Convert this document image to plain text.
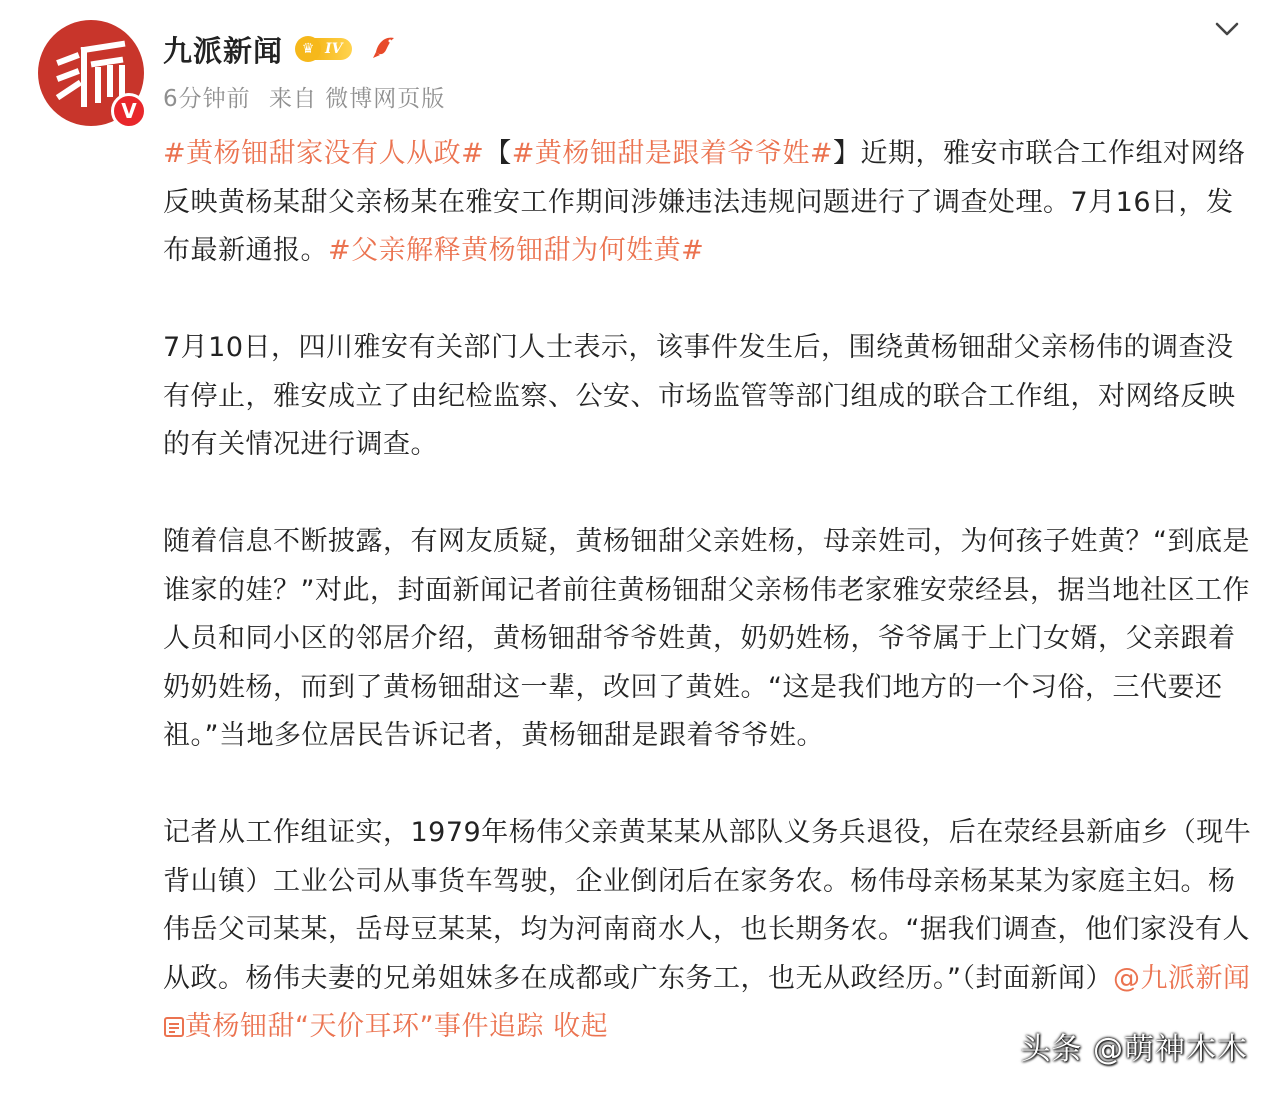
V
九派新闻	♛ IV
6分钟前 来自 微博网页版

#黄杨钿甜家没有人从政#【#黄杨钿甜是跟着爷爷姓#】近期，雅安市联合工作组对网络反映黄杨某甜父亲杨某在雅安工作期间涉嫌违法违规问题进行了调查处理。7月16日，发布最新通报。#父亲解释黄杨钿甜为何姓黄#

7月10日，四川雅安有关部门人士表示，该事件发生后，围绕黄杨钿甜父亲杨伟的调查没有停止，雅安成立了由纪检监察、公安、市场监管等部门组成的联合工作组，对网络反映的有关情况进行调查。

随着信息不断披露，有网友质疑，黄杨钿甜父亲姓杨，母亲姓司，为何孩子姓黄？“到底是谁家的娃？”对此，封面新闻记者前往黄杨钿甜父亲杨伟老家雅安荥经县，据当地社区工作人员和同小区的邻居介绍，黄杨钿甜爷爷姓黄，奶奶姓杨，爷爷属于上门女婿，父亲跟着奶奶姓杨，而到了黄杨钿甜这一辈，改回了黄姓。“这是我们地方的一个习俗，三代要还祖。”当地多位居民告诉记者，黄杨钿甜是跟着爷爷姓。

记者从工作组证实，1979年杨伟父亲黄某某从部队义务兵退役，后在荥经县新庙乡（现牛背山镇）工业公司从事货车驾驶，企业倒闭后在家务农。杨伟母亲杨某某为家庭主妇。杨伟岳父司某某，岳母豆某某，均为河南商水人，也长期务农。“据我们调查，他们家没有人从政。杨伟夫妻的兄弟姐妹多在成都或广东务工，也无从政经历。”（封面新闻）@九派新闻 黄杨钿甜“天价耳环”事件追踪 收起

头条 @萌神木木
